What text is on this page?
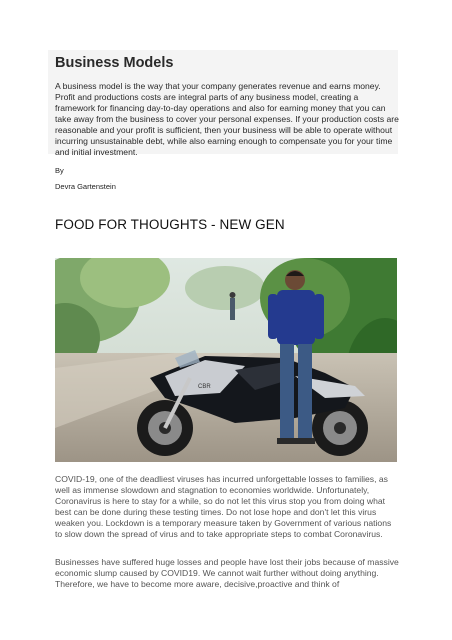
Business Models
A business model is the way that your company generates revenue and earns money. Profit and productions costs are integral parts of any business model, creating a framework for financing day-to-day operations and also for earning money that you can take away from the business to cover your personal expenses. If your production costs are reasonable and your profit is sufficient, then your business will be able to operate without incurring unsustainable debt, while also earning enough to compensate you for your time and initial investment.
By
Devra Gartenstein
FOOD FOR THOUGHTS - NEW GEN
CBR
COVID-19, one of the deadliest viruses has incurred unforgettable losses to families, as well as immense slowdown and stagnation to economies worldwide. Unfortunately, Coronavirus is here to stay for a while, so do not let this virus stop you from doing what best can be done during these testing times. Do not lose hope and don't let this virus weaken you. Lockdown is a temporary measure taken by Government of various nations to slow down the spread of virus and to take appropriate steps to combat Coronavirus.
Businesses have suffered huge losses and people have lost their jobs because of massive economic slump caused by COVID19. We cannot wait further without doing anything. Therefore, we have to become more aware, decisive,proactive and think of
